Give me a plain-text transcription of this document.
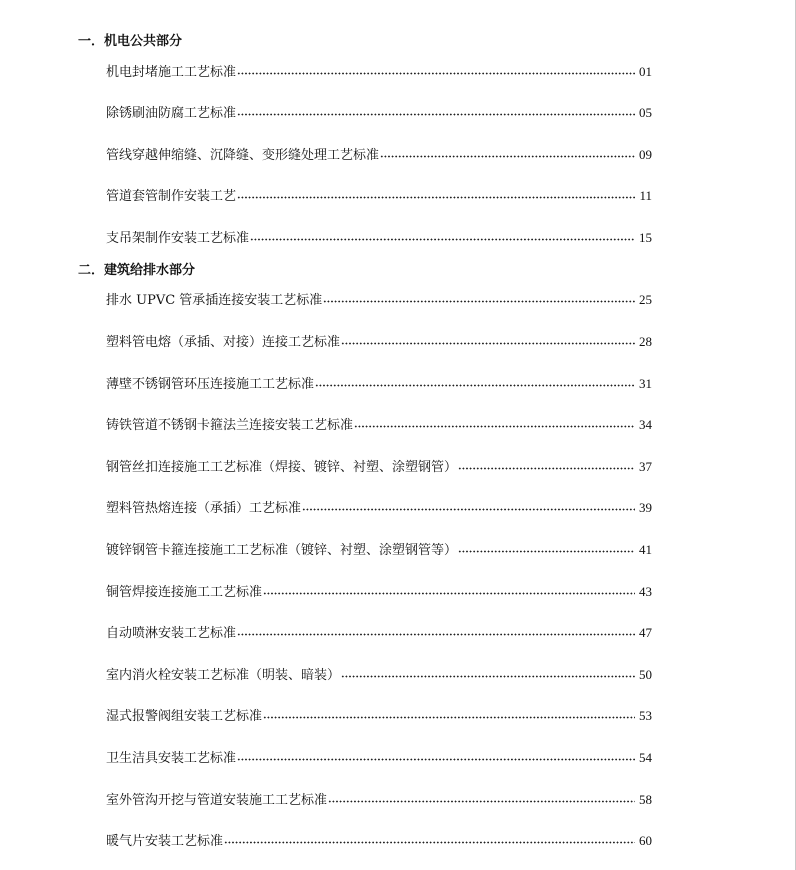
一．机电公共部分
机电封堵施工工艺标准	01
除锈刷油防腐工艺标准	05
管线穿越伸缩缝、沉降缝、变形缝处理工艺标准	09
管道套管制作安装工艺	11
支吊架制作安装工艺标准	15
二．建筑给排水部分
排水 UPVC 管承插连接安装工艺标准	25
塑料管电熔（承插、对接）连接工艺标准	28
薄壁不锈钢管环压连接施工工艺标准	31
铸铁管道不锈钢卡箍法兰连接安装工艺标准	34
钢管丝扣连接施工工艺标准（焊接、镀锌、衬塑、涂塑钢管）	37
塑料管热熔连接（承插）工艺标准	39
镀锌钢管卡箍连接施工工艺标准（镀锌、衬塑、涂塑钢管等）	41
铜管焊接连接施工工艺标准	43
自动喷淋安装工艺标准	47
室内消火栓安装工艺标准（明装、暗装）	50
湿式报警阀组安装工艺标准	53
卫生洁具安装工艺标准	54
室外管沟开挖与管道安装施工工艺标准	58
暖气片安装工艺标准	60
